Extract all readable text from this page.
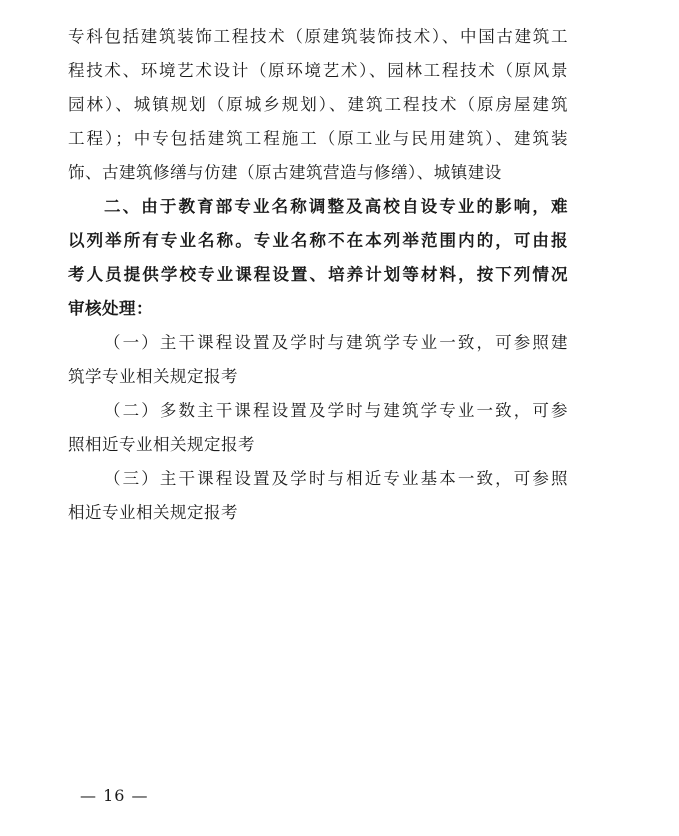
专科包括建筑装饰工程技术（原建筑装饰技术）、中国古建筑工
程技术、环境艺术设计（原环境艺术）、园林工程技术（原风景
园林）、城镇规划（原城乡规划）、建筑工程技术（原房屋建筑
工程）；中专包括建筑工程施工（原工业与民用建筑）、建筑装
饰、古建筑修缮与仿建（原古建筑营造与修缮）、城镇建设
二、由于教育部专业名称调整及高校自设专业的影响，难
以列举所有专业名称。专业名称不在本列举范围内的，可由报
考人员提供学校专业课程设置、培养计划等材料，按下列情况
审核处理：
（一）主干课程设置及学时与建筑学专业一致，可参照建
筑学专业相关规定报考
（二）多数主干课程设置及学时与建筑学专业一致，可参
照相近专业相关规定报考
（三）主干课程设置及学时与相近专业基本一致，可参照
相近专业相关规定报考
— 16 —
